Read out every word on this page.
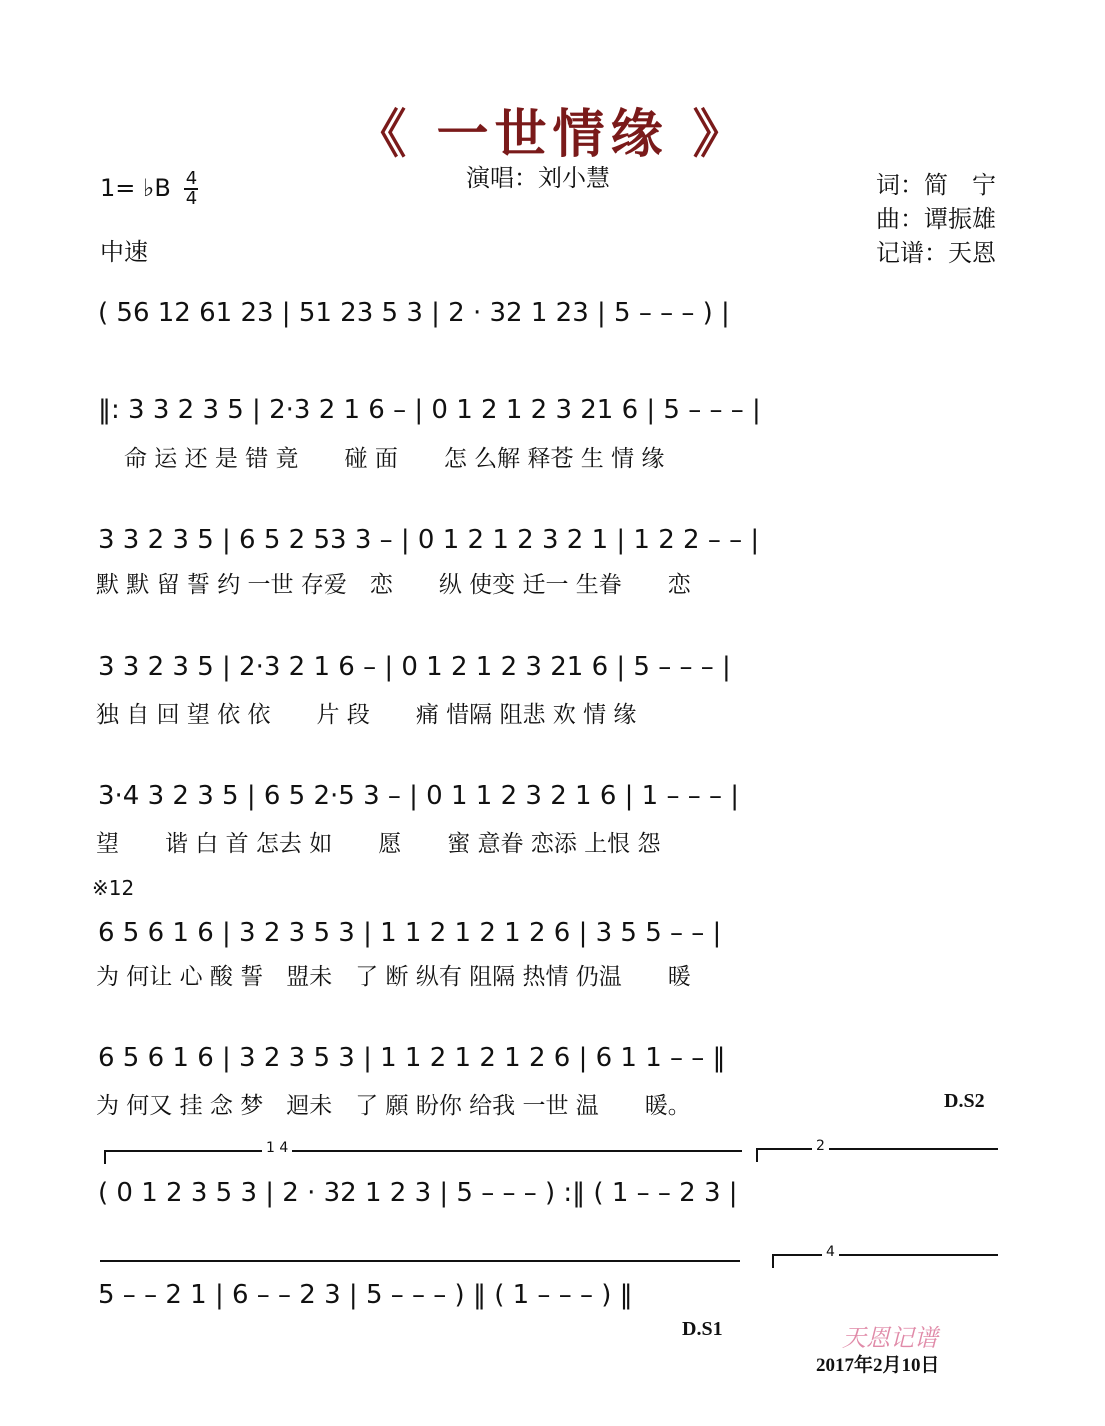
《 一世情缘 》
演唱：刘小慧
1= ♭B $\frac{4}{4}$
中速
词：简　宁
曲：谭振雄
记谱：天恩
( 56 12 61 23 | 51 23 5 3 | 2 · 32 1 23 | 5 – – – ) |
‖: 3 3 2 3 5 | 2·3 2 1 6 – | 0 1 2 1 2 3 21 6 | 5 – – – |
命 运 还 是 错 竟　　碰 面　　怎 么解 释苍 生 情 缘
3 3 2 3 5 | 6 5 2 53 3 – | 0 1 2 1 2 3 2 1 | 1 2 2 – – |
默 默 留 誓 约 一世 存爱　恋　　纵 使变 迁一 生眷　　恋
3 3 2 3 5 | 2·3 2 1 6 – | 0 1 2 1 2 3 21 6 | 5 – – – |
独 自 回 望 依 依　　片 段　　痛 惜隔 阻悲 欢 情 缘
3·4 3 2 3 5 | 6 5 2·5 3 – | 0 1 1 2 3 2 1 6 | 1 – – – |
望　　谐 白 首 怎去 如　　愿　　蜜 意眷 恋添 上恨 怨
※12
6 5 6 1 6 | 3 2 3 5 3 | 1 1 2 1 2 1 2 6 | 3 5 5 – – |
为 何让 心 酸 誓　盟未　了 断 纵有 阻隔 热情 仍温　　暖
6 5 6 1 6 | 3 2 3 5 3 | 1 1 2 1 2 1 2 6 | 6 1 1 – – ‖
为 何又 挂 念 梦　迴未　了 願 盼你 给我 一世 温　　暖。	D.S2
1 4	2
( 0 1 2 3 5 3 | 2 · 32 1 2 3 | 5 – – – ) :‖ ( 1 – – 2 3 |
4
5 – – 2 1 | 6 – – 2 3 | 5 – – – ) ‖ ( 1 – – – ) ‖
D.S1	天恩记谱
2017年2月10日
